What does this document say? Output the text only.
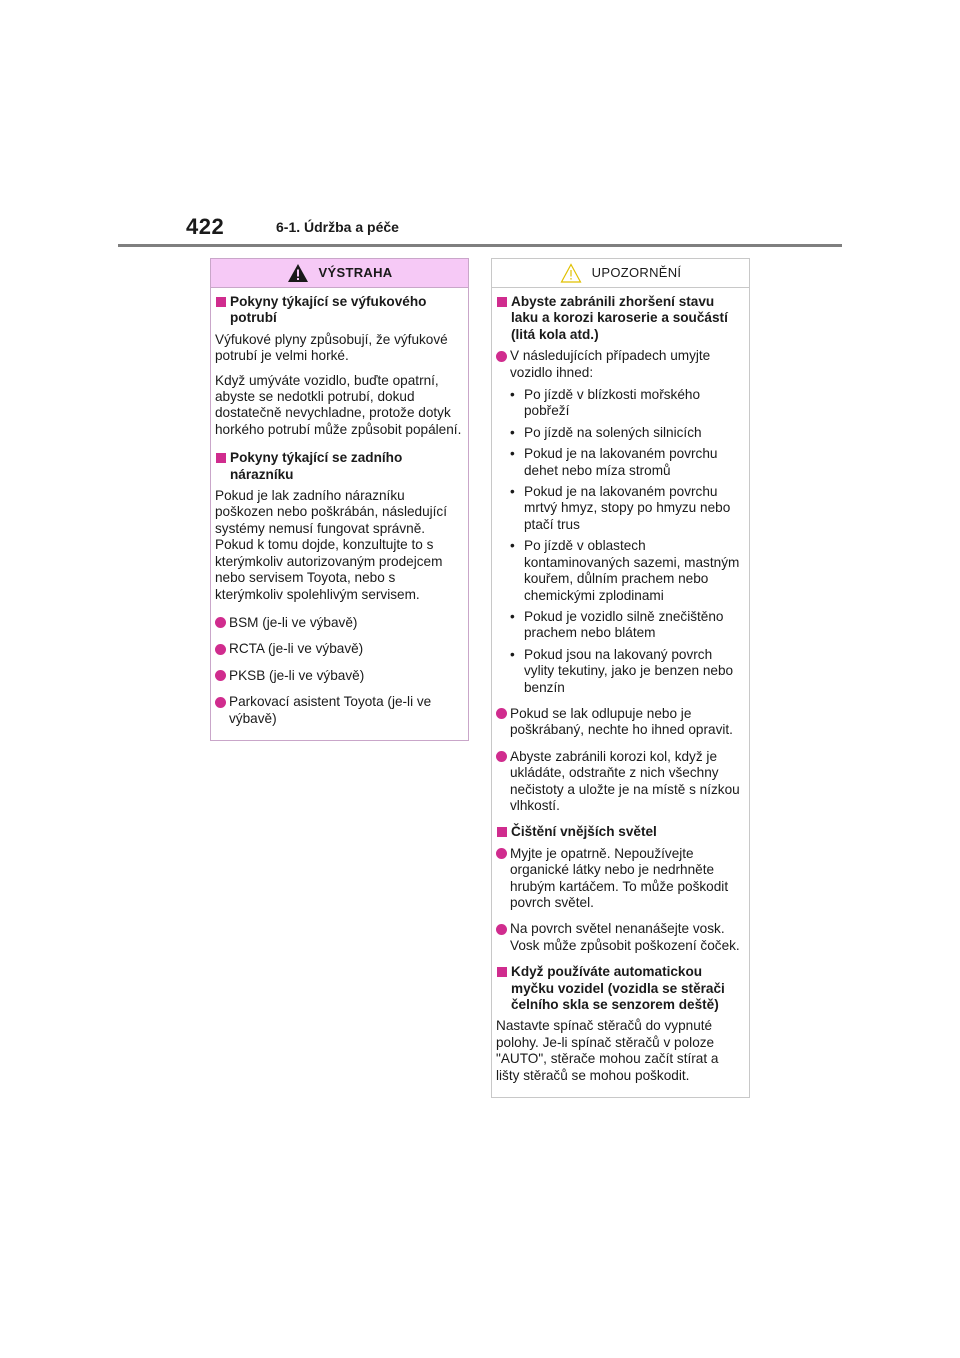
422	6-1. Údržba a péče
VÝSTRAHA
Pokyny týkající se výfukového potrubí
Výfukové plyny způsobují, že výfukové potrubí je velmi horké.
Když umýváte vozidlo, buďte opatrní, abyste se nedotkli potrubí, dokud dostatečně nevychladne, protože dotyk horkého potrubí může způsobit popálení.
Pokyny týkající se zadního nárazníku
Pokud je lak zadního nárazníku poškozen nebo poškrábán, následující systémy nemusí fungovat správně. Pokud k tomu dojde, konzultujte to s kterýmkoliv autorizovaným prodejcem nebo servisem Toyota, nebo s kterýmkoliv spolehlivým servisem.
BSM (je-li ve výbavě)
RCTA (je-li ve výbavě)
PKSB (je-li ve výbavě)
Parkovací asistent Toyota (je-li ve výbavě)
UPOZORNĚNÍ
Abyste zabránili zhoršení stavu laku a korozi karoserie a součástí (litá kola atd.)
V následujících případech umyjte vozidlo ihned:
• Po jízdě v blízkosti mořského pobřeží
• Po jízdě na solených silnicích
• Pokud je na lakovaném povrchu dehet nebo míza stromů
• Pokud je na lakovaném povrchu mrtvý hmyz, stopy po hmyzu nebo ptačí trus
• Po jízdě v oblastech kontaminovaných sazemi, mastným kouřem, důlním prachem nebo chemickými zplodinami
• Pokud je vozidlo silně znečištěno prachem nebo blátem
• Pokud jsou na lakovaný povrch vylity tekutiny, jako je benzen nebo benzín
Pokud se lak odlupuje nebo je poškrábaný, nechte ho ihned opravit.
Abyste zabránili korozi kol, když je ukládáte, odstraňte z nich všechny nečistoty a uložte je na místě s nízkou vlhkostí.
Čištění vnějších světel
Myjte je opatrně. Nepoužívejte organické látky nebo je nedrhněte hrubým kartáčem. To může poškodit povrch světel.
Na povrch světel nenanášejte vosk. Vosk může způsobit poškození čoček.
Když používáte automatickou myčku vozidel (vozidla se stěrači čelního skla se senzorem deště)
Nastavte spínač stěračů do vypnuté polohy. Je-li spínač stěračů v poloze "AUTO", stěrače mohou začít stírat a lišty stěračů se mohou poškodit.
